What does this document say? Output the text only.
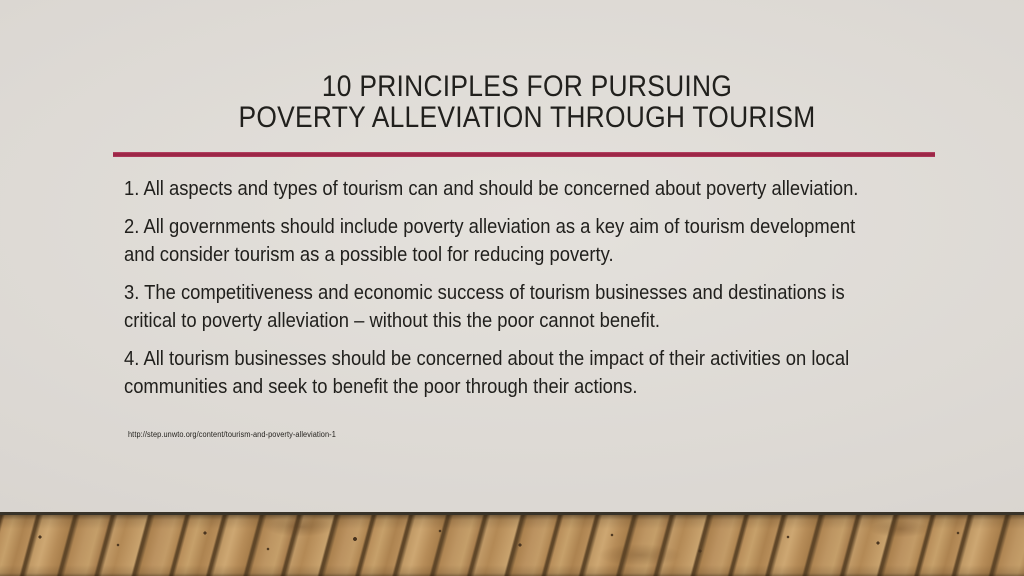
10 PRINCIPLES FOR PURSUING
POVERTY ALLEVIATION THROUGH TOURISM

1. All aspects and types of tourism can and should be concerned about poverty alleviation.

2. All governments should include poverty alleviation as a key aim of tourism development
and consider tourism as a possible tool for reducing poverty.

3. The competitiveness and economic success of tourism businesses and destinations is
critical to poverty alleviation – without this the poor cannot benefit.

4. All tourism businesses should be concerned about the impact of their activities on local
communities and seek to benefit the poor through their actions.

http://step.unwto.org/content/tourism-and-poverty-alleviation-1
